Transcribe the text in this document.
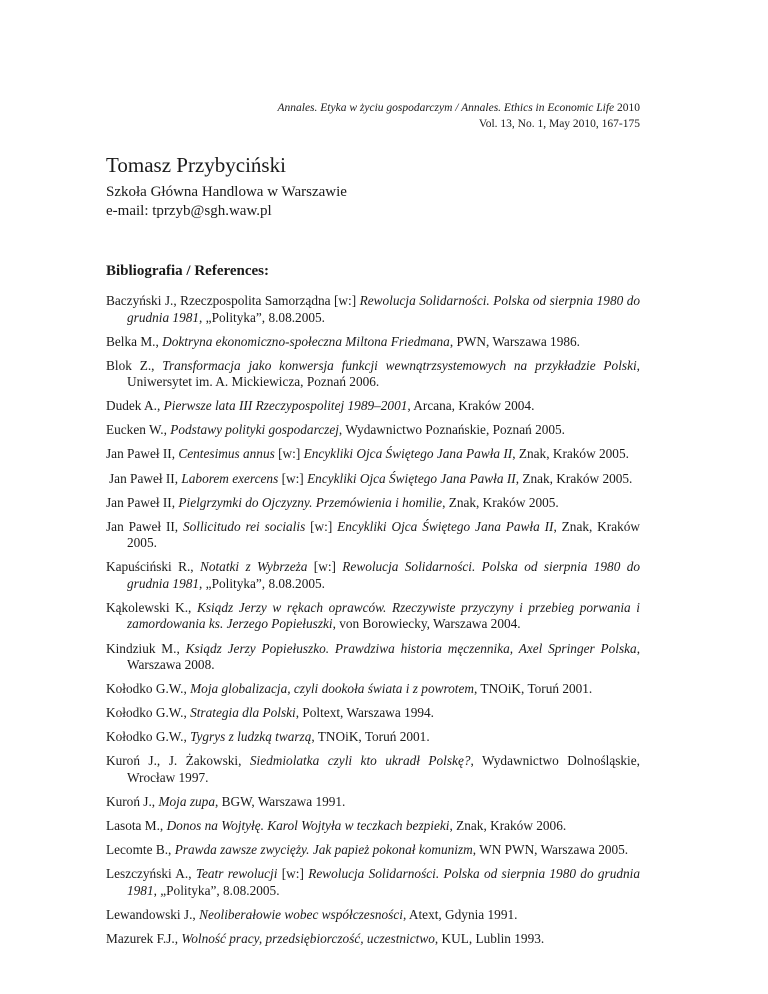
Annales. Etyka w życiu gospodarczym / Annales. Ethics in Economic Life 2010
Vol. 13, No. 1, May 2010, 167-175
Tomasz Przybyciński
Szkoła Główna Handlowa w Warszawie
e-mail: tprzyb@sgh.waw.pl
Bibliografia / References:
Baczyński J., Rzeczpospolita Samorządna [w:] Rewolucja Solidarności. Polska od sierpnia 1980 do grudnia 1981, „Polityka”, 8.08.2005.
Belka M., Doktryna ekonomiczno-społeczna Miltona Friedmana, PWN, Warszawa 1986.
Blok Z., Transformacja jako konwersja funkcji wewnątrzsystemowych na przykładzie Polski, Uniwersytet im. A. Mickiewicza, Poznań 2006.
Dudek A., Pierwsze lata III Rzeczypospolitej 1989–2001, Arcana, Kraków 2004.
Eucken W., Podstawy polityki gospodarczej, Wydawnictwo Poznańskie, Poznań 2005.
Jan Paweł II, Centesimus annus [w:] Encykliki Ojca Świętego Jana Pawła II, Znak, Kraków 2005.
Jan Paweł II, Laborem exercens [w:] Encykliki Ojca Świętego Jana Pawła II, Znak, Kraków 2005.
Jan Paweł II, Pielgrzymki do Ojczyzny. Przemówienia i homilie, Znak, Kraków 2005.
Jan Paweł II, Sollicitudo rei socialis [w:] Encykliki Ojca Świętego Jana Pawła II, Znak, Kraków 2005.
Kapuściński R., Notatki z Wybrzeża [w:] Rewolucja Solidarności. Polska od sierpnia 1980 do grudnia 1981, „Polityka”, 8.08.2005.
Kąkolewski K., Ksiądz Jerzy w rękach oprawców. Rzeczywiste przyczyny i przebieg porwania i zamordowania ks. Jerzego Popiełuszki, von Borowiecky, Warszawa 2004.
Kindziuk M., Ksiądz Jerzy Popiełuszko. Prawdziwa historia męczennika, Axel Springer Polska, Warszawa 2008.
Kołodko G.W., Moja globalizacja, czyli dookoła świata i z powrotem, TNOiK, Toruń 2001.
Kołodko G.W., Strategia dla Polski, Poltext, Warszawa 1994.
Kołodko G.W., Tygrys z ludzką twarzą, TNOiK, Toruń 2001.
Kuroń J., J. Żakowski, Siedmiolatka czyli kto ukradł Polskę?, Wydawnictwo Dolnośląskie, Wrocław 1997.
Kuroń J., Moja zupa, BGW, Warszawa 1991.
Lasota M., Donos na Wojtyłę. Karol Wojtyła w teczkach bezpieki, Znak, Kraków 2006.
Lecomte B., Prawda zawsze zwycięży. Jak papież pokonał komunizm, WN PWN, Warszawa 2005.
Leszczyński A., Teatr rewolucji [w:] Rewolucja Solidarności. Polska od sierpnia 1980 do grudnia 1981, „Polityka”, 8.08.2005.
Lewandowski J., Neoliberałowie wobec współczesności, Atext, Gdynia 1991.
Mazurek F.J., Wolność pracy, przedsiębiorczość, uczestnictwo, KUL, Lublin 1993.
